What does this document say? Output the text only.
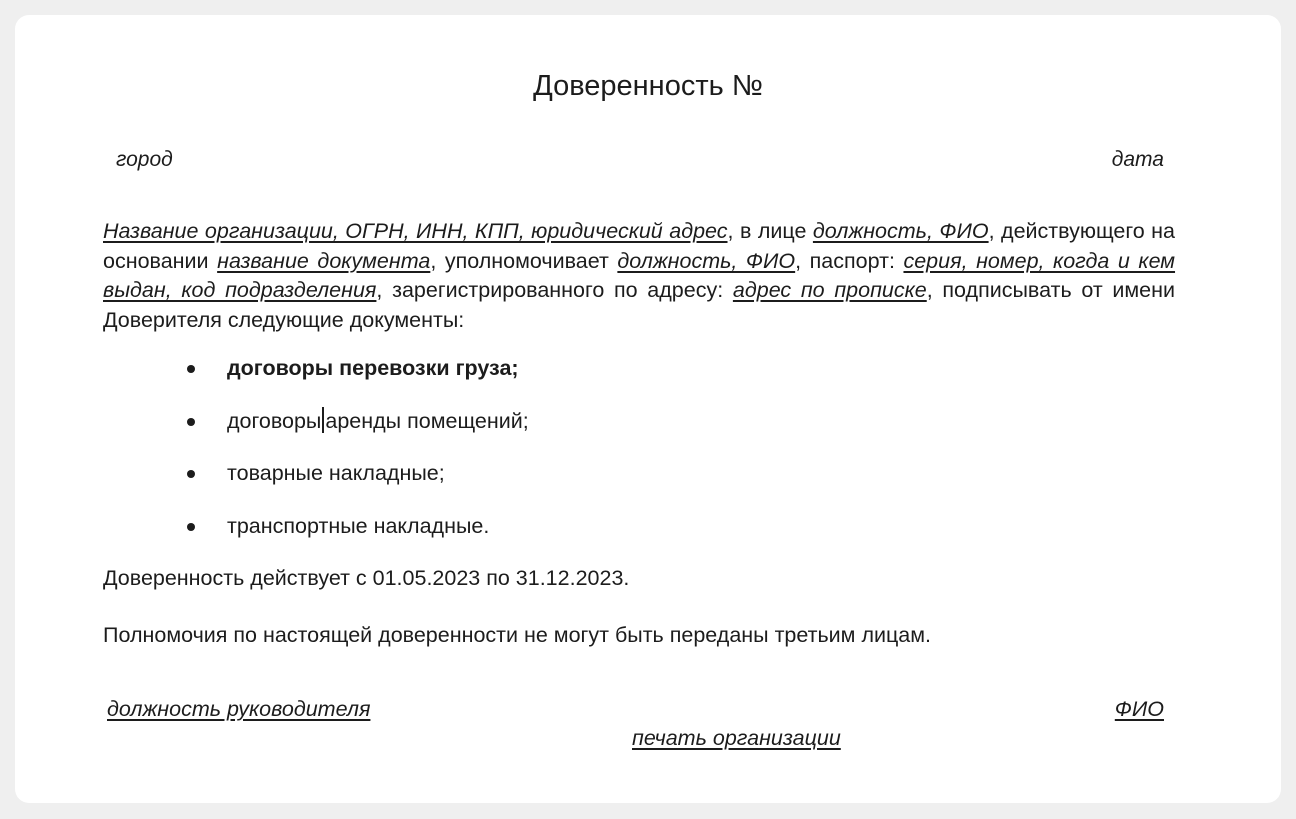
Доверенность №
город	дата

Название организации, ОГРН, ИНН, КПП, юридический адрес, в лице должность, ФИО, действующего на основании название документа, уполномочивает должность, ФИО, паспорт: серия, номер, когда и кем выдан, код подразделения, зарегистрированного по адресу: адрес по прописке, подписывать от имени Доверителя следующие документы:

договоры перевозки груза;
договоры аренды помещений;
товарные накладные;
транспортные накладные.

Доверенность действует с 01.05.2023 по 31.12.2023.

Полномочия по настоящей доверенности не могут быть переданы третьим лицам.

должность руководителя	ФИО
печать организации
